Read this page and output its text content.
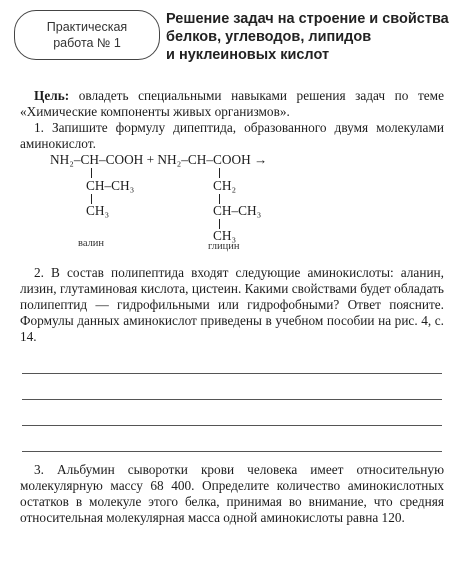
Практическая
работа № 1
Решение задач на строение и свойства
белков, углеводов, липидов
и нуклеиновых кислот
Цель: овладеть специальными навыками решения задач по теме «Химические компоненты живых организмов».
1. Запишите формулу дипептида, образованного двумя молекулами аминокислот.
NH₂–CH–COOH + NH₂–CH–COOH →
CH–CH₃
CH₃
CH₂
CH–CH₃
CH₃
валин	глицин
2. В состав полипептида входят следующие аминокислоты: аланин, лизин, глутаминовая кислота, цистеин. Какими свойствами будет обладать полипептид — гидрофильными или гидрофобными? Ответ поясните. Формулы данных аминокислот приведены в учебном пособии на рис. 4, с. 14.
3. Альбумин сыворотки крови человека имеет относительную молекулярную массу 68 400. Определите количество аминокислотных остатков в молекуле этого белка, принимая во внимание, что средняя относительная молекулярная масса одной аминокислоты равна 120.
